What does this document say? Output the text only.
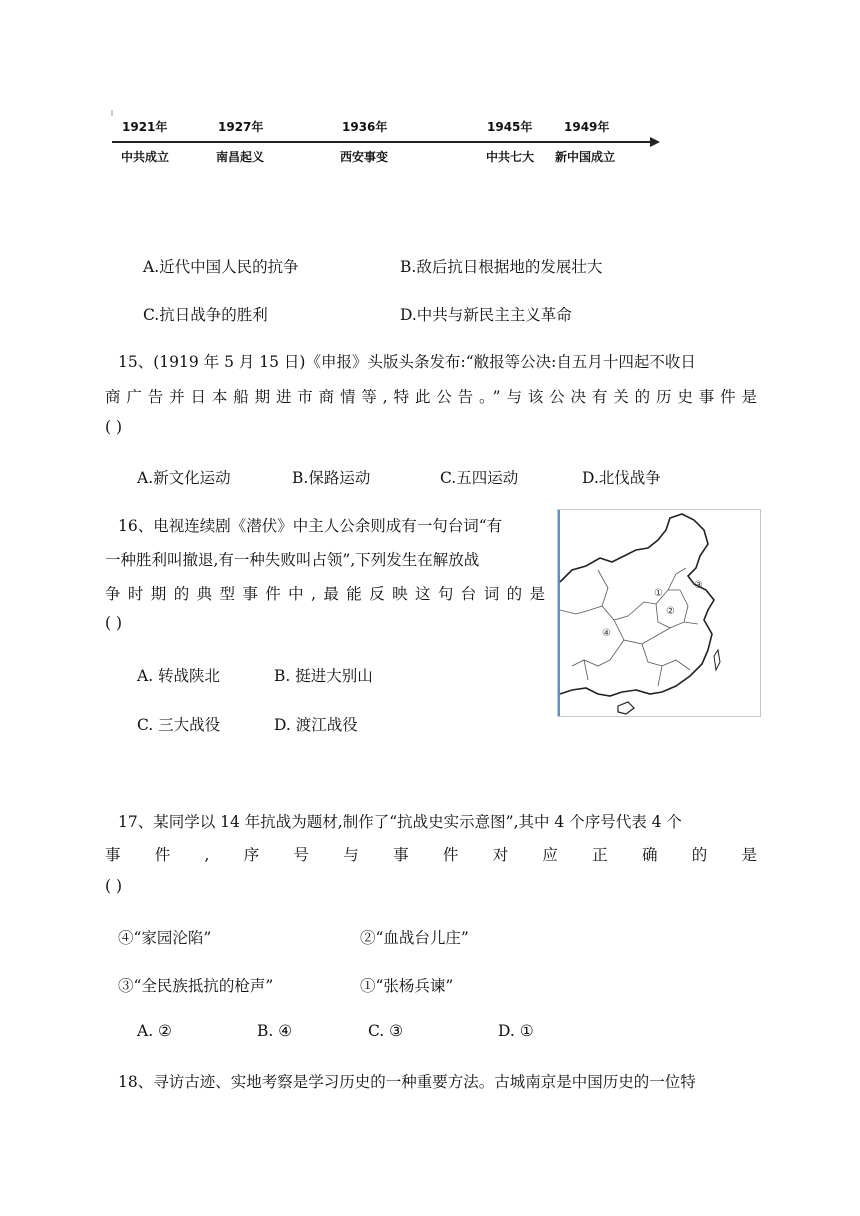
1921年
中共成立
1927年
南昌起义
1936年
西安事变
1945年
中共七大
1949年
新中国成立
A.近代中国人民的抗争	B.敌后抗日根据地的发展壮大
C.抗日战争的胜利	D.中共与新民主主义革命
15、(1919 年 5 月 15 日)《申报》头版头条发布:“敝报等公决:自五月十四起不收日
商广告并日本船期进市商情等,特此公告。”与该公决有关的历史事件是
( )
A.新文化运动	B.保路运动	C.五四运动	D.北伐战争
16、电视连续剧《潜伏》中主人公余则成有一句台词“有
一种胜利叫撤退,有一种失败叫占领”,下列发生在解放战
争时期的典型事件中,最能反映这句台词的是
( )
A. 转战陕北	B. 挺进大别山
C. 三大战役	D. 渡江战役
①
②
③
④
17、某同学以 14 年抗战为题材,制作了“抗战史实示意图”,其中 4 个序号代表 4 个
事件,序号与事件对应正确的是
( )
④“家园沦陷”	②“血战台儿庄”
③“全民族抵抗的枪声”	①“张杨兵谏”
A. ②	B. ④	C. ③	D. ①
18、寻访古迹、实地考察是学习历史的一种重要方法。古城南京是中国历史的一位特
